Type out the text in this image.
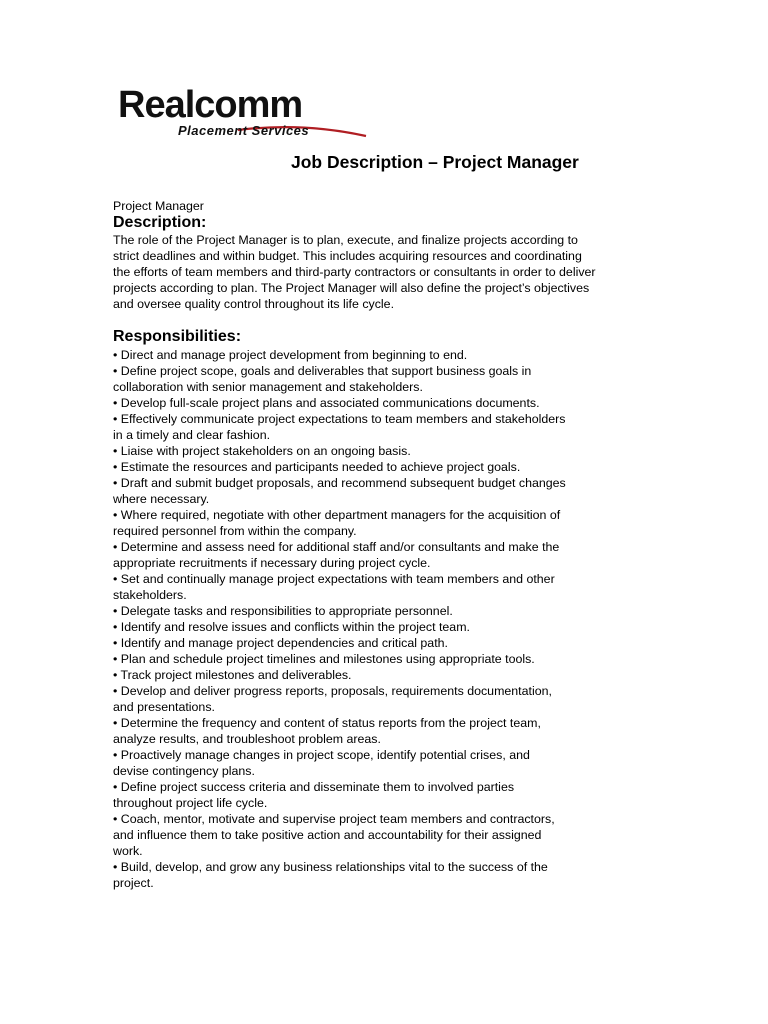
Realcomm
Placement Services
Job Description – Project Manager
Project Manager
Description:
The role of the Project Manager is to plan, execute, and finalize projects according to
strict deadlines and within budget. This includes acquiring resources and coordinating
the efforts of team members and third-party contractors or consultants in order to deliver
projects according to plan. The Project Manager will also define the project’s objectives
and oversee quality control throughout its life cycle.
Responsibilities:
• Direct and manage project development from beginning to end.
• Define project scope, goals and deliverables that support business goals in
collaboration with senior management and stakeholders.
• Develop full-scale project plans and associated communications documents.
• Effectively communicate project expectations to team members and stakeholders
in a timely and clear fashion.
• Liaise with project stakeholders on an ongoing basis.
• Estimate the resources and participants needed to achieve project goals.
• Draft and submit budget proposals, and recommend subsequent budget changes
where necessary.
• Where required, negotiate with other department managers for the acquisition of
required personnel from within the company.
• Determine and assess need for additional staff and/or consultants and make the
appropriate recruitments if necessary during project cycle.
• Set and continually manage project expectations with team members and other
stakeholders.
• Delegate tasks and responsibilities to appropriate personnel.
• Identify and resolve issues and conflicts within the project team.
• Identify and manage project dependencies and critical path.
• Plan and schedule project timelines and milestones using appropriate tools.
• Track project milestones and deliverables.
• Develop and deliver progress reports, proposals, requirements documentation,
and presentations.
• Determine the frequency and content of status reports from the project team,
analyze results, and troubleshoot problem areas.
• Proactively manage changes in project scope, identify potential crises, and
devise contingency plans.
• Define project success criteria and disseminate them to involved parties
throughout project life cycle.
• Coach, mentor, motivate and supervise project team members and contractors,
and influence them to take positive action and accountability for their assigned
work.
• Build, develop, and grow any business relationships vital to the success of the
project.
